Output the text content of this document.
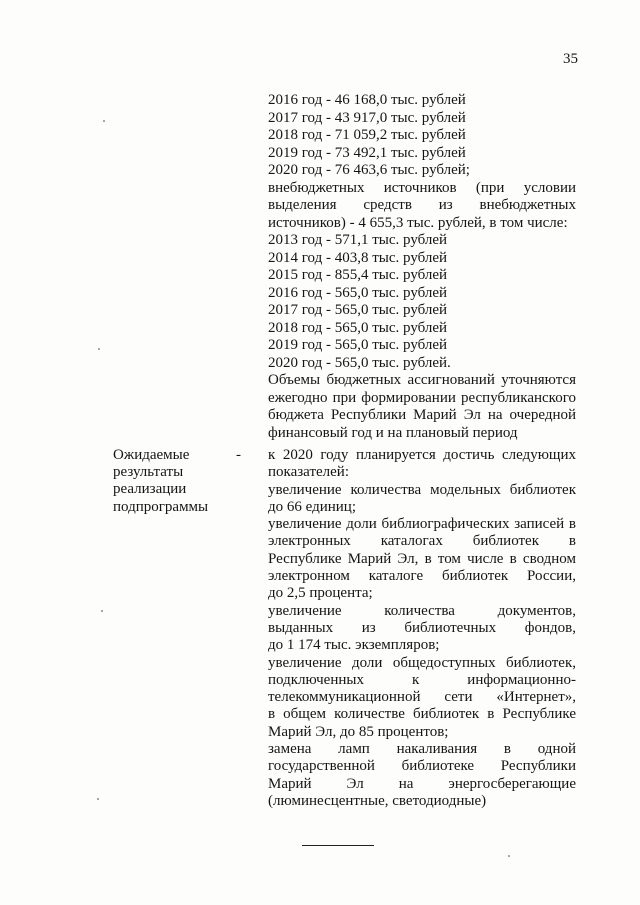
35
2016 год - 46 168,0 тыс. рублей
2017 год - 43 917,0 тыс. рублей
2018 год - 71 059,2 тыс. рублей
2019 год - 73 492,1 тыс. рублей
2020 год - 76 463,6 тыс. рублей;
внебюджетных источников (при условии
выделения средств из внебюджетных
источников) - 4 655,3 тыс. рублей, в том числе:
2013 год - 571,1 тыс. рублей
2014 год - 403,8 тыс. рублей
2015 год - 855,4 тыс. рублей
2016 год - 565,0 тыс. рублей
2017 год - 565,0 тыс. рублей
2018 год - 565,0 тыс. рублей
2019 год - 565,0 тыс. рублей
2020 год - 565,0 тыс. рублей.
Объемы бюджетных ассигнований уточняются
ежегодно при формировании республиканского
бюджета Республики Марий Эл на очередной
финансовый год и на плановый период
Ожидаемые
результаты
реализации
подпрограммы
- к 2020 году планируется достичь следующих
показателей:
увеличение количества модельных библиотек
до 66 единиц;
увеличение доли библиографических записей в
электронных каталогах библиотек в
Республике Марий Эл, в том числе в сводном
электронном каталоге библиотек России,
до 2,5 процента;
увеличение количества документов,
выданных из библиотечных фондов,
до 1 174 тыс. экземпляров;
увеличение доли общедоступных библиотек,
подключенных к информационно-
телекоммуникационной сети «Интернет»,
в общем количестве библиотек в Республике
Марий Эл, до 85 процентов;
замена ламп накаливания в одной
государственной библиотеке Республики
Марий Эл на энергосберегающие
(люминесцентные, светодиодные)
